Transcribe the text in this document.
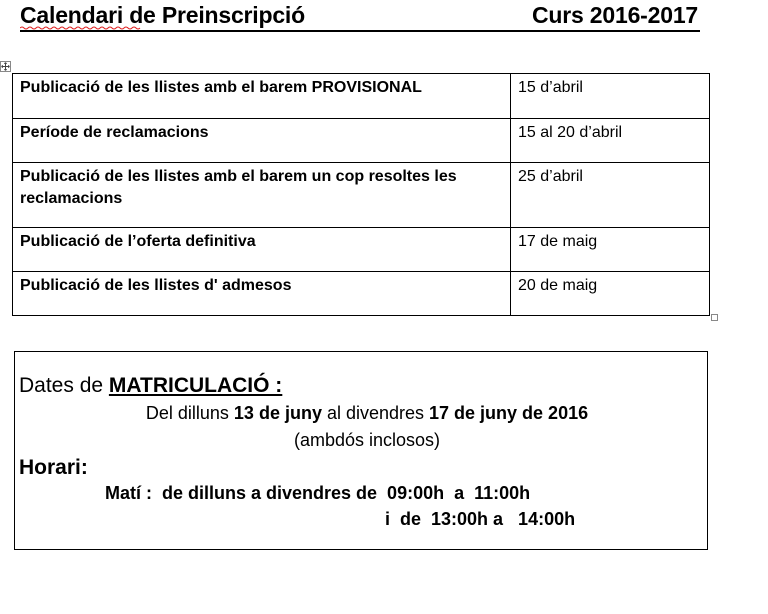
Calendari de Preinscripció	Curs 2016-2017
Publicació de les llistes amb el barem PROVISIONAL	15 d’abril
Període de reclamacions	15 al 20 d’abril
Publicació de les llistes amb el barem un cop resoltes les reclamacions	25 d’abril
Publicació de l’oferta definitiva	17 de maig
Publicació de les llistes d' admesos	20 de maig
Dates de MATRICULACIÓ :
Del dilluns 13 de juny al divendres 17 de juny de 2016
(ambdós inclosos)
Horari:
Matí :  de dilluns a divendres de  09:00h  a  11:00h
i  de  13:00h a   14:00h
